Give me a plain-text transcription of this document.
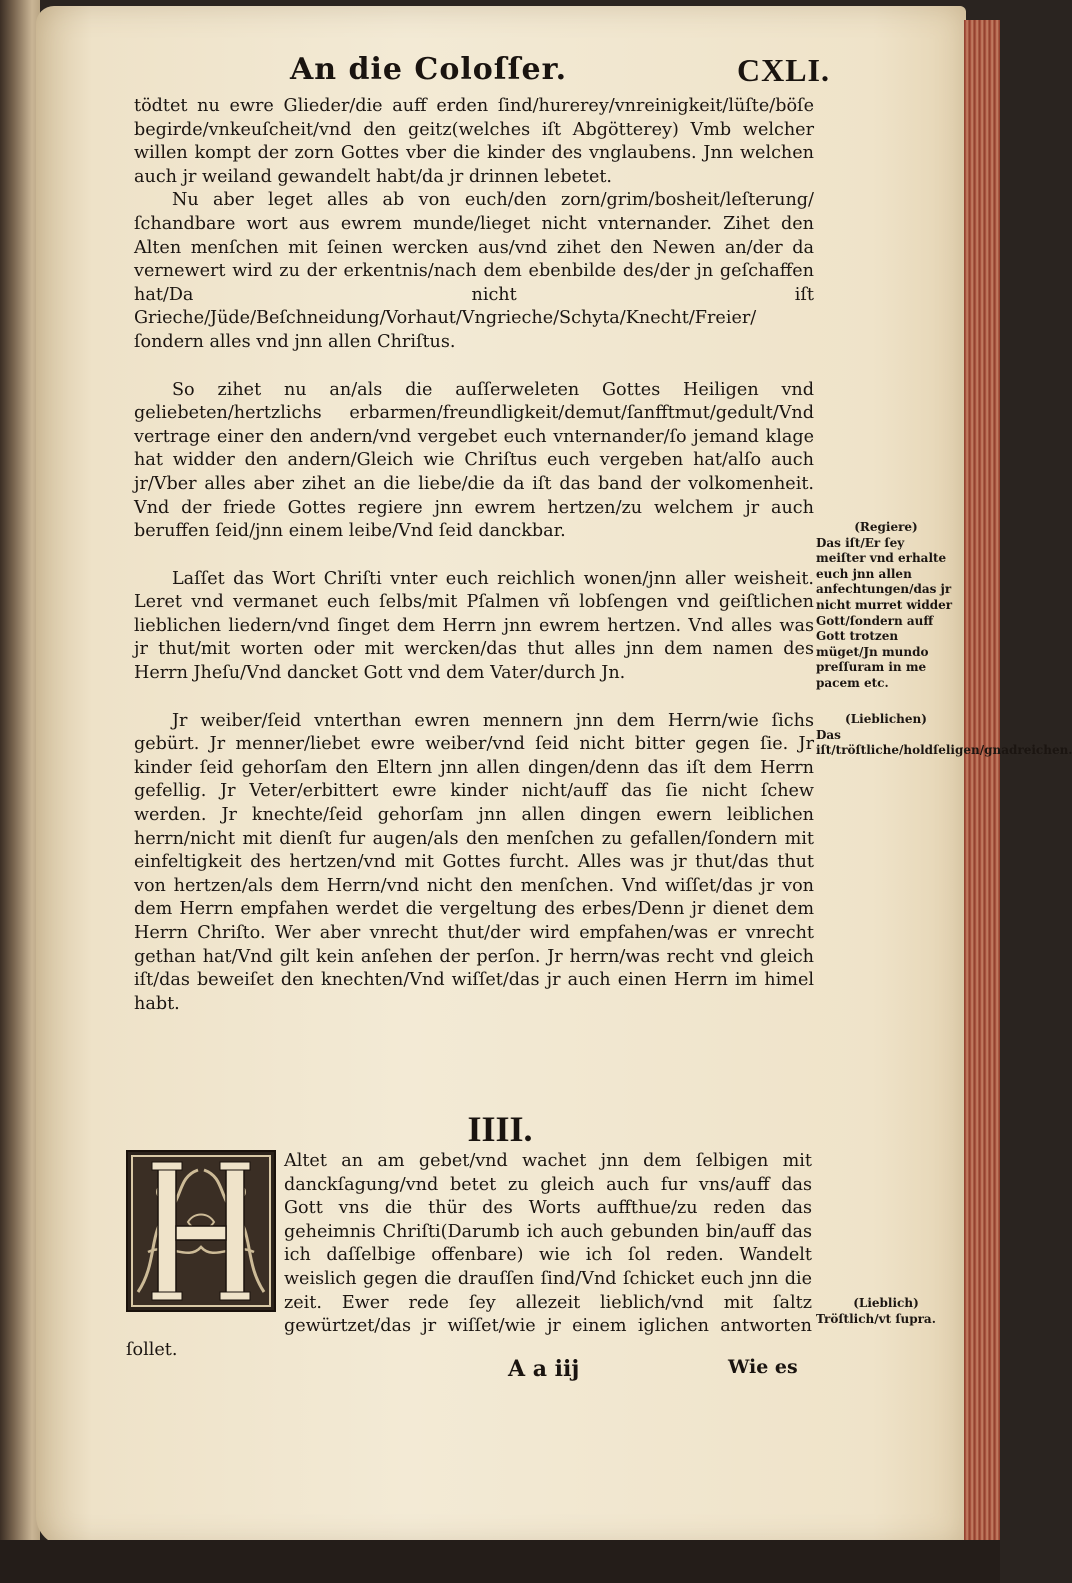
An die Coloſſer.	CXLI.

tödtet nu ewre Glieder/die auff erden ſind/hurerey/vnreinigkeit/lüſte/böſe begirde/vnkeuſcheit/vnd den geitz(welches iſt Abgötterey) Vmb welcher willen kompt der zorn Gottes vber die kinder des vnglaubens. Jnn welchen auch jr weiland gewandelt habt/da jr drinnen lebetet.

Nu aber leget alles ab von euch/den zorn/grim/bosheit/leſterung/ſchandbare wort aus ewrem munde/lieget nicht vnternander. Zihet den Alten menſchen mit ſeinen wercken aus/vnd zihet den Newen an/der da vernewert wird zu der erkentnis/nach dem ebenbilde des/der jn geſchaffen hat/Da nicht iſt Grieche/Jüde/Beſchneidung/Vorhaut/Vngrieche/Schyta/Knecht/Freier/ſondern alles vnd jnn allen Chriſtus.

So zihet nu an/als die auſſerweleten Gottes Heiligen vnd geliebeten/hertzlichs erbarmen/freundligkeit/demut/ſanfftmut/gedult/Vnd vertrage einer den andern/vnd vergebet euch vnternander/ſo jemand klage hat widder den andern/Gleich wie Chriſtus euch vergeben hat/alſo auch jr/Vber alles aber zihet an die liebe/die da iſt das band der volkomenheit. Vnd der friede Gottes regiere jnn ewrem hertzen/zu welchem jr auch beruffen ſeid/jnn einem leibe/Vnd ſeid danckbar.

Laſſet das Wort Chriſti vnter euch reichlich wonen/jnn aller weisheit. Leret vnd vermanet euch ſelbs/mit Pſalmen vñ lobſengen vnd geiſtlichen lieblichen liedern/vnd ſinget dem Herrn jnn ewrem hertzen. Vnd alles was jr thut/mit worten oder mit wercken/das thut alles jnn dem namen des Herrn Jheſu/Vnd dancket Gott vnd dem Vater/durch Jn.

Jr weiber/ſeid vnterthan ewren mennern jnn dem Herrn/wie ſichs gebürt. Jr menner/liebet ewre weiber/vnd ſeid nicht bitter gegen ſie. Jr kinder ſeid gehorſam den Eltern jnn allen dingen/denn das iſt dem Herrn gefellig. Jr Veter/erbittert ewre kinder nicht/auff das ſie nicht ſchew werden. Jr knechte/ſeid gehorſam jnn allen dingen ewern leiblichen herrn/nicht mit dienſt fur augen/als den menſchen zu gefallen/ſondern mit einfeltigkeit des hertzen/vnd mit Gottes furcht. Alles was jr thut/das thut von hertzen/als dem Herrn/vnd nicht den menſchen. Vnd wiſſet/das jr von dem Herrn empfahen werdet die vergeltung des erbes/Denn jr dienet dem Herrn Chriſto. Wer aber vnrecht thut/der wird empfahen/was er vnrecht gethan hat/Vnd gilt kein anſehen der perſon. Jr herrn/was recht vnd gleich iſt/das beweiſet den knechten/Vnd wiſſet/das jr auch einen Herrn im himel habt.

(Regiere)
Das iſt/Er ſey meiſter vnd erhalte euch jnn allen anfechtungen/das jr nicht murret widder Gott/ſondern auff Gott trotzen müget/Jn mundo preſſuram in me pacem etc.
(Lieblichen)
Das iſt/tröſtliche/holdſeligen/gnadreichen.
IIII.
Altet an am gebet/vnd wachet jnn dem ſelbigen mit danckſagung/vnd betet zu gleich auch fur vns/auff das Gott vns die thür des Worts auffthue/zu reden das geheimnis Chriſti(Darumb ich auch gebunden bin/auff das ich daſſelbige offenbare) wie ich ſol reden. Wandelt weislich gegen die drauſſen ſind/Vnd ſchicket euch jnn die zeit. Ewer rede ſey allezeit lieblich/vnd mit ſaltz gewürtzet/das jr wiſſet/wie jr einem iglichen antworten ſollet.
(Lieblich)
Tröſtlich/vt ſupra.
A a iij	Wie es
